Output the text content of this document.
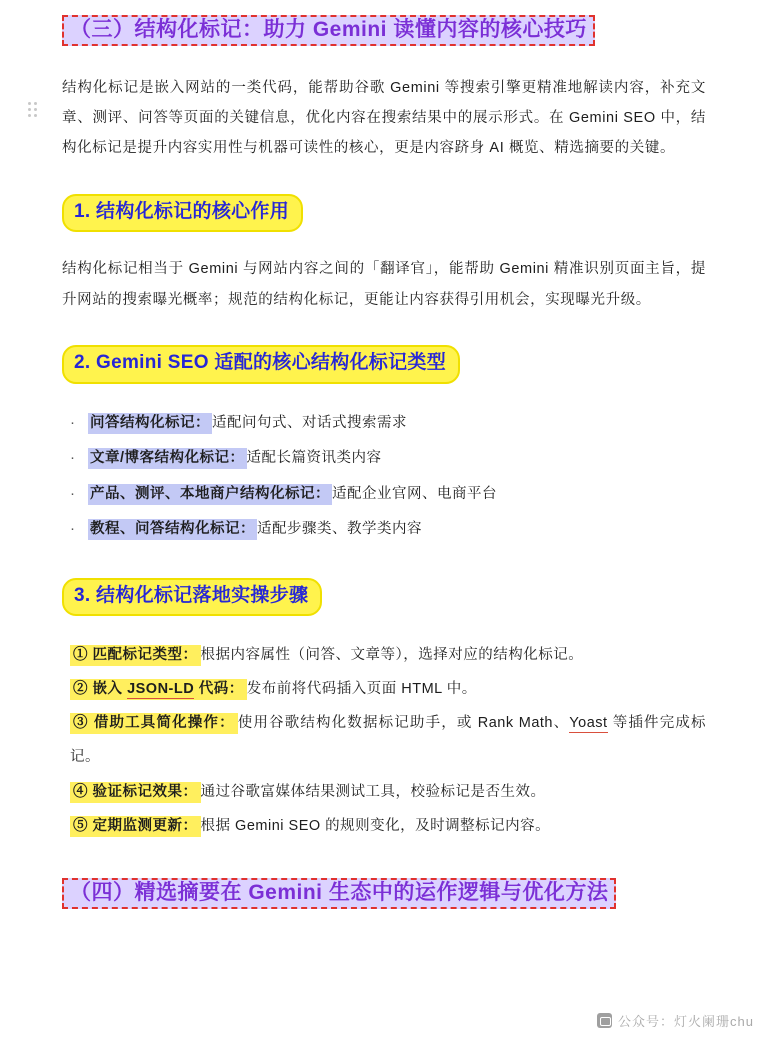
（三）结构化标记：助力 Gemini 读懂内容的核心技巧

结构化标记是嵌入网站的一类代码，能帮助谷歌 Gemini 等搜索引擎更精准地解读内容，补充文章、测评、问答等页面的关键信息，优化内容在搜索结果中的展示形式。在 Gemini SEO 中，结构化标记是提升内容实用性与机器可读性的核心，更是内容跻身 AI 概览、精选摘要的关键。

1. 结构化标记的核心作用

结构化标记相当于 Gemini 与网站内容之间的「翻译官」，能帮助 Gemini 精准识别页面主旨，提升网站的搜索曝光概率；规范的结构化标记，更能让内容获得引用机会，实现曝光升级。

2. Gemini SEO 适配的核心结构化标记类型
· 问答结构化标记： 适配问句式、对话式搜索需求
· 文章/博客结构化标记： 适配长篇资讯类内容
· 产品、测评、本地商户结构化标记： 适配企业官网、电商平台
· 教程、问答结构化标记： 适配步骤类、教学类内容
3. 结构化标记落地实操步骤
① 匹配标记类型： 根据内容属性（问答、文章等），选择对应的结构化标记。
② 嵌入 JSON-LD 代码： 发布前将代码插入页面 HTML 中。
③ 借助工具简化操作： 使用谷歌结构化数据标记助手，或 Rank Math、Yoast 等插件完成标记。
④ 验证标记效果： 通过谷歌富媒体结果测试工具，校验标记是否生效。
⑤ 定期监测更新： 根据 Gemini SEO 的规则变化，及时调整标记内容。
（四）精选摘要在 Gemini 生态中的运作逻辑与优化方法
公众号：灯火阑珊chu
